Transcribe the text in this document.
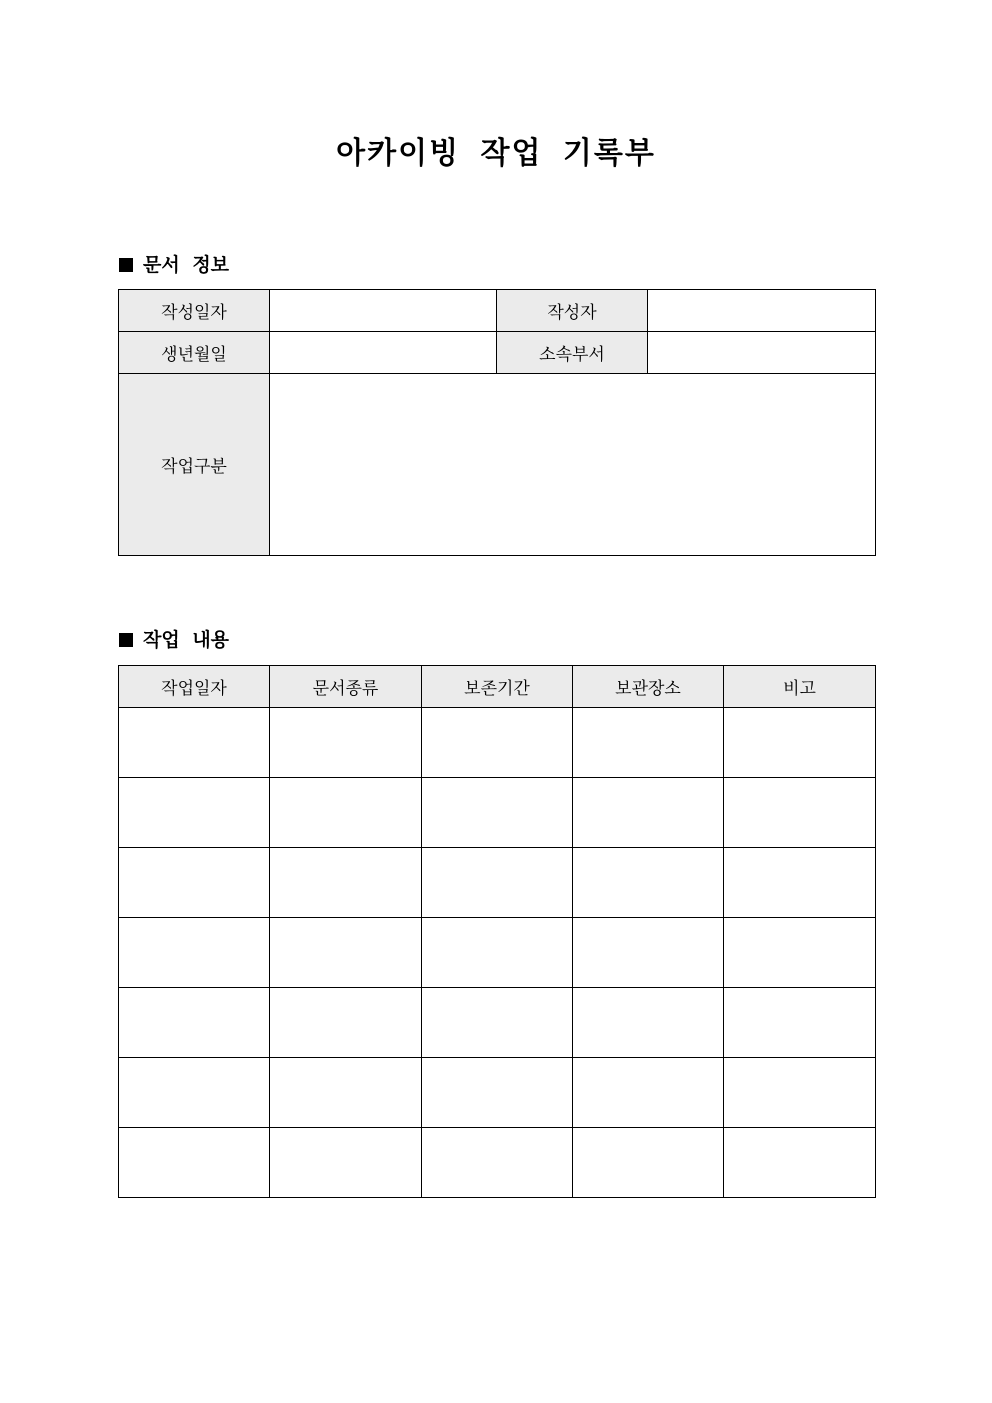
아카이빙 작업 기록부
문서 정보
작성일자		작성자	
생년월일		소속부서	
작업구분			
작업 내용
작업일자	문서종류	보존기간	보관장소	비고
